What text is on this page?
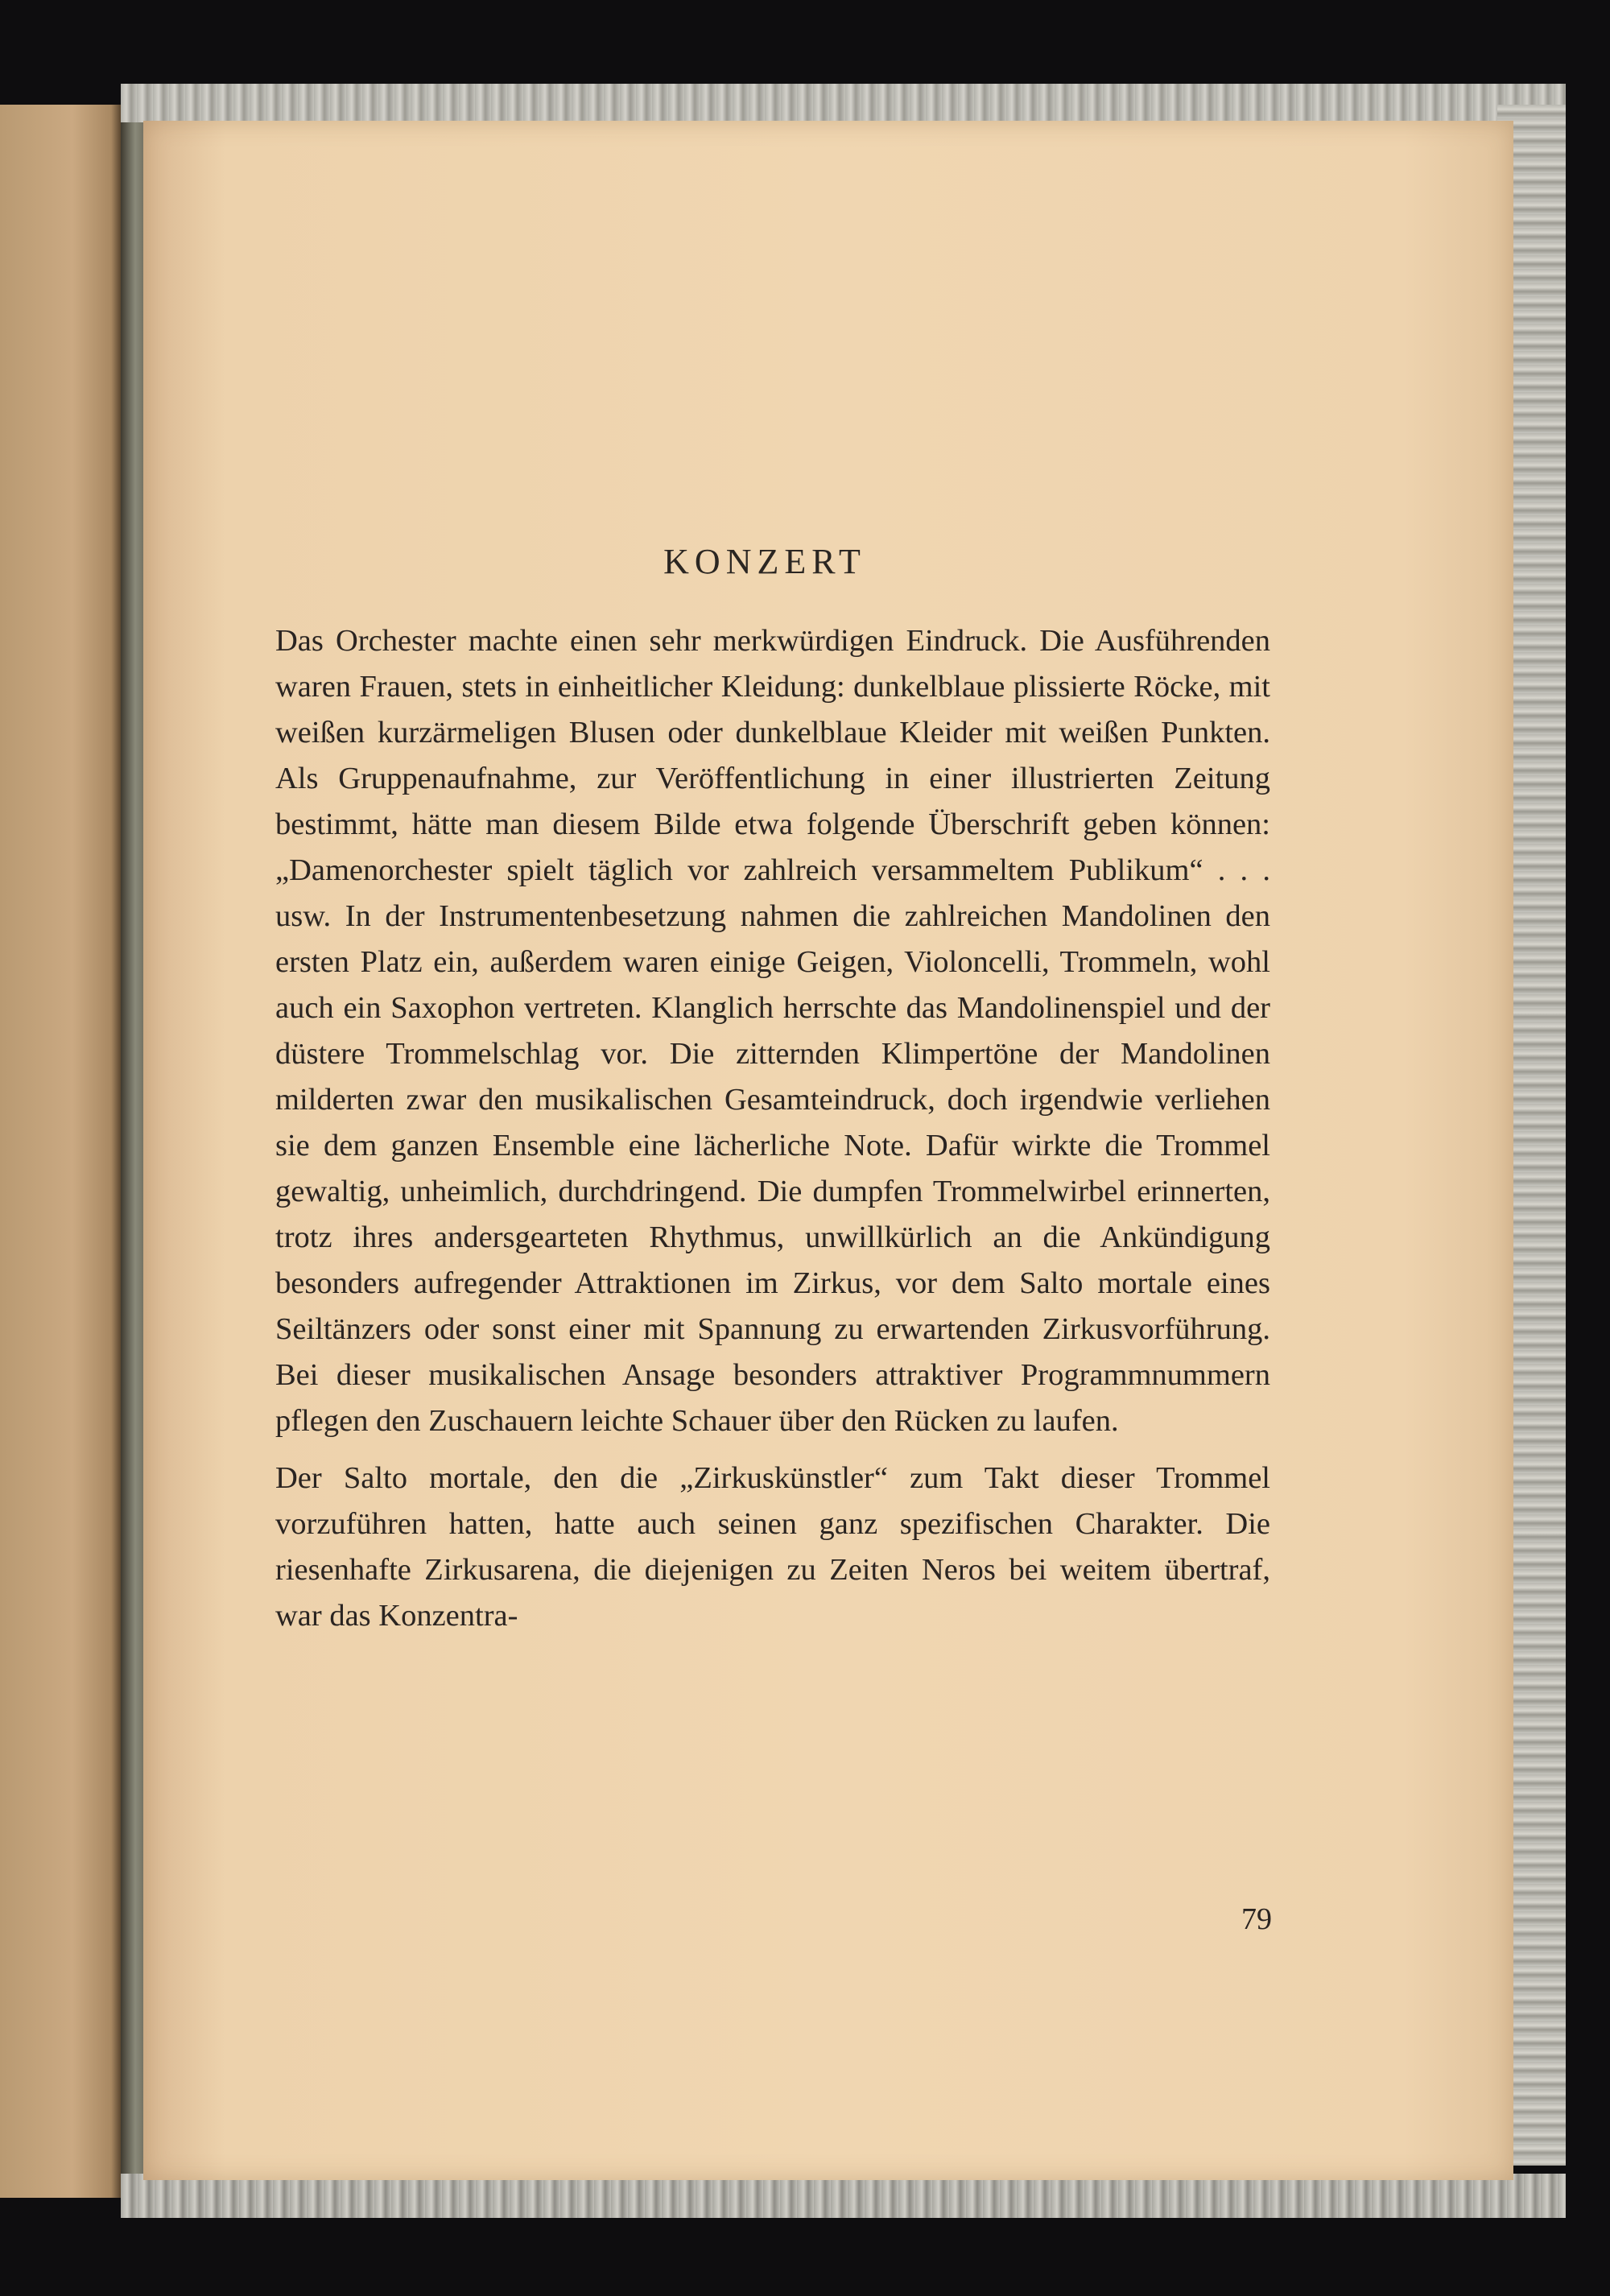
KONZERT

Das Orchester machte einen sehr merkwürdigen Eindruck. Die Ausführenden waren Frauen, stets in einheitlicher Kleidung: dunkelblaue plissierte Röcke, mit weißen kurzärmeligen Blusen oder dunkelblaue Kleider mit weißen Punkten. Als Gruppenaufnahme, zur Veröffentlichung in einer illustrierten Zeitung bestimmt, hätte man diesem Bilde etwa folgende Überschrift geben können: „Damenorchester spielt täglich vor zahlreich versammeltem Publikum“ . . . usw. In der Instrumentenbesetzung nahmen die zahlreichen Mandolinen den ersten Platz ein, außerdem waren einige Geigen, Violoncelli, Trommeln, wohl auch ein Saxophon vertreten. Klanglich herrschte das Mandolinenspiel und der düstere Trommelschlag vor. Die zitternden Klimpertöne der Mandolinen milderten zwar den musikalischen Gesamteindruck, doch irgendwie verliehen sie dem ganzen Ensemble eine lächerliche Note. Dafür wirkte die Trommel gewaltig, unheimlich, durchdringend. Die dumpfen Trommelwirbel erinnerten, trotz ihres andersgearteten Rhythmus, unwillkürlich an die Ankündigung besonders aufregender Attraktionen im Zirkus, vor dem Salto mortale eines Seiltänzers oder sonst einer mit Spannung zu erwartenden Zirkusvorführung. Bei dieser musikalischen Ansage besonders attraktiver Programmnummern pflegen den Zuschauern leichte Schauer über den Rücken zu laufen.

Der Salto mortale, den die „Zirkuskünstler“ zum Takt dieser Trommel vorzuführen hatten, hatte auch seinen ganz spezifischen Charakter. Die riesenhafte Zirkusarena, die diejenigen zu Zeiten Neros bei weitem übertraf, war das Konzentra-

79
